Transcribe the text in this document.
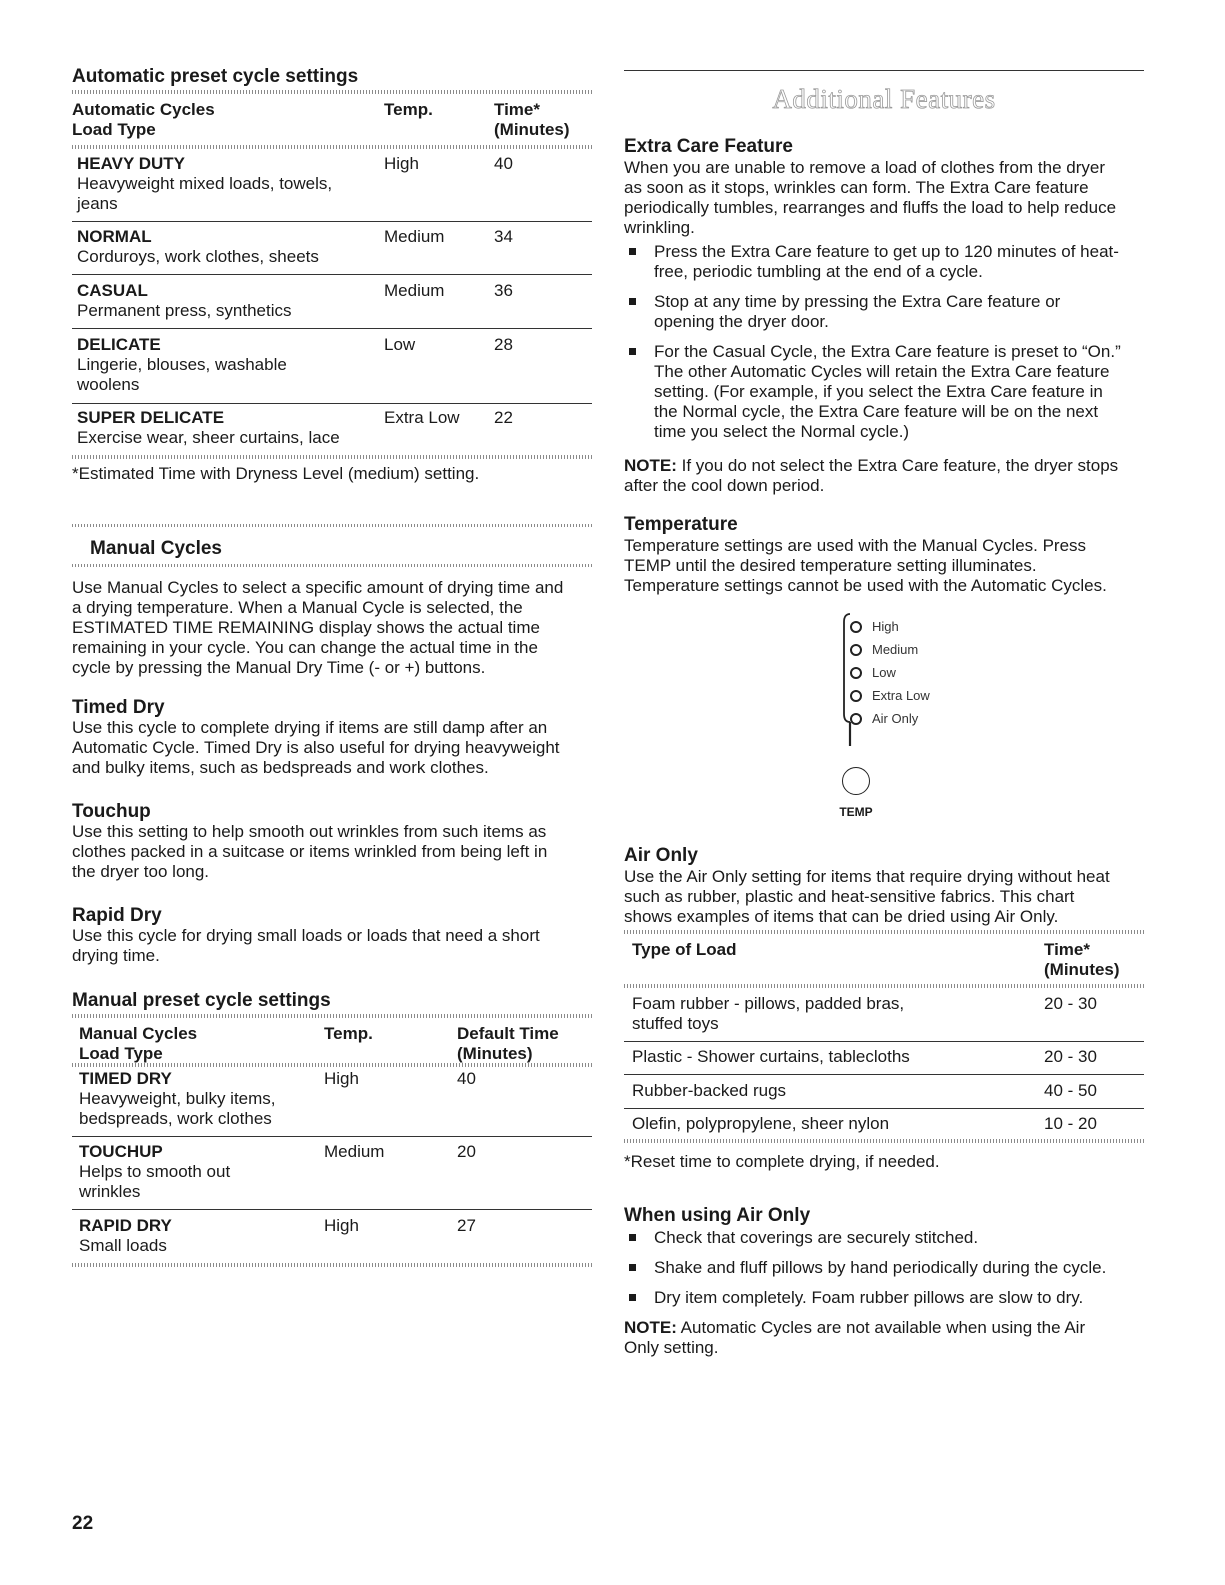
Automatic preset cycle settings
Automatic Cycles
Load Type	Temp.	Time*
(Minutes)
HEAVY DUTY
Heavyweight mixed loads, towels,
jeans	High	40
NORMAL
Corduroys, work clothes, sheets	Medium	34
CASUAL
Permanent press, synthetics	Medium	36
DELICATE
Lingerie, blouses, washable
woolens	Low	28
SUPER DELICATE
Exercise wear, sheer curtains, lace	Extra Low	22
*Estimated Time with Dryness Level (medium) setting.
Manual Cycles
Use Manual Cycles to select a specific amount of drying time and
a drying temperature. When a Manual Cycle is selected, the
ESTIMATED TIME REMAINING display shows the actual time
remaining in your cycle. You can change the actual time in the
cycle by pressing the Manual Dry Time (- or +) buttons.
Timed Dry
Use this cycle to complete drying if items are still damp after an
Automatic Cycle. Timed Dry is also useful for drying heavyweight
and bulky items, such as bedspreads and work clothes.
Touchup
Use this setting to help smooth out wrinkles from such items as
clothes packed in a suitcase or items wrinkled from being left in
the dryer too long.
Rapid Dry
Use this cycle for drying small loads or loads that need a short
drying time.
Manual preset cycle settings
Manual Cycles
Load Type	Temp.	Default Time
(Minutes)
TIMED DRY
Heavyweight, bulky items,
bedspreads, work clothes	High	40
TOUCHUP
Helps to smooth out
wrinkles	Medium	20
RAPID DRY
Small loads	High	27
22
Additional Features
Extra Care Feature
When you are unable to remove a load of clothes from the dryer
as soon as it stops, wrinkles can form. The Extra Care feature
periodically tumbles, rearranges and fluffs the load to help reduce
wrinkling.
Press the Extra Care feature to get up to 120 minutes of heat-
free, periodic tumbling at the end of a cycle.
Stop at any time by pressing the Extra Care feature or
opening the dryer door.
For the Casual Cycle, the Extra Care feature is preset to “On.”
The other Automatic Cycles will retain the Extra Care feature
setting. (For example, if you select the Extra Care feature in
the Normal cycle, the Extra Care feature will be on the next
time you select the Normal cycle.)
NOTE: If you do not select the Extra Care feature, the dryer stops
after the cool down period.
Temperature
Temperature settings are used with the Manual Cycles. Press
TEMP until the desired temperature setting illuminates.
Temperature settings cannot be used with the Automatic Cycles.
High
Medium
Low
Extra Low
Air Only
TEMP
Air Only
Use the Air Only setting for items that require drying without heat
such as rubber, plastic and heat-sensitive fabrics. This chart
shows examples of items that can be dried using Air Only.
Type of Load	Time*
(Minutes)
Foam rubber - pillows, padded bras,
stuffed toys	20 - 30
Plastic - Shower curtains, tablecloths	20 - 30
Rubber-backed rugs	40 - 50
Olefin, polypropylene, sheer nylon	10 - 20
*Reset time to complete drying, if needed.
When using Air Only
Check that coverings are securely stitched.
Shake and fluff pillows by hand periodically during the cycle.
Dry item completely. Foam rubber pillows are slow to dry.
NOTE: Automatic Cycles are not available when using the Air
Only setting.
